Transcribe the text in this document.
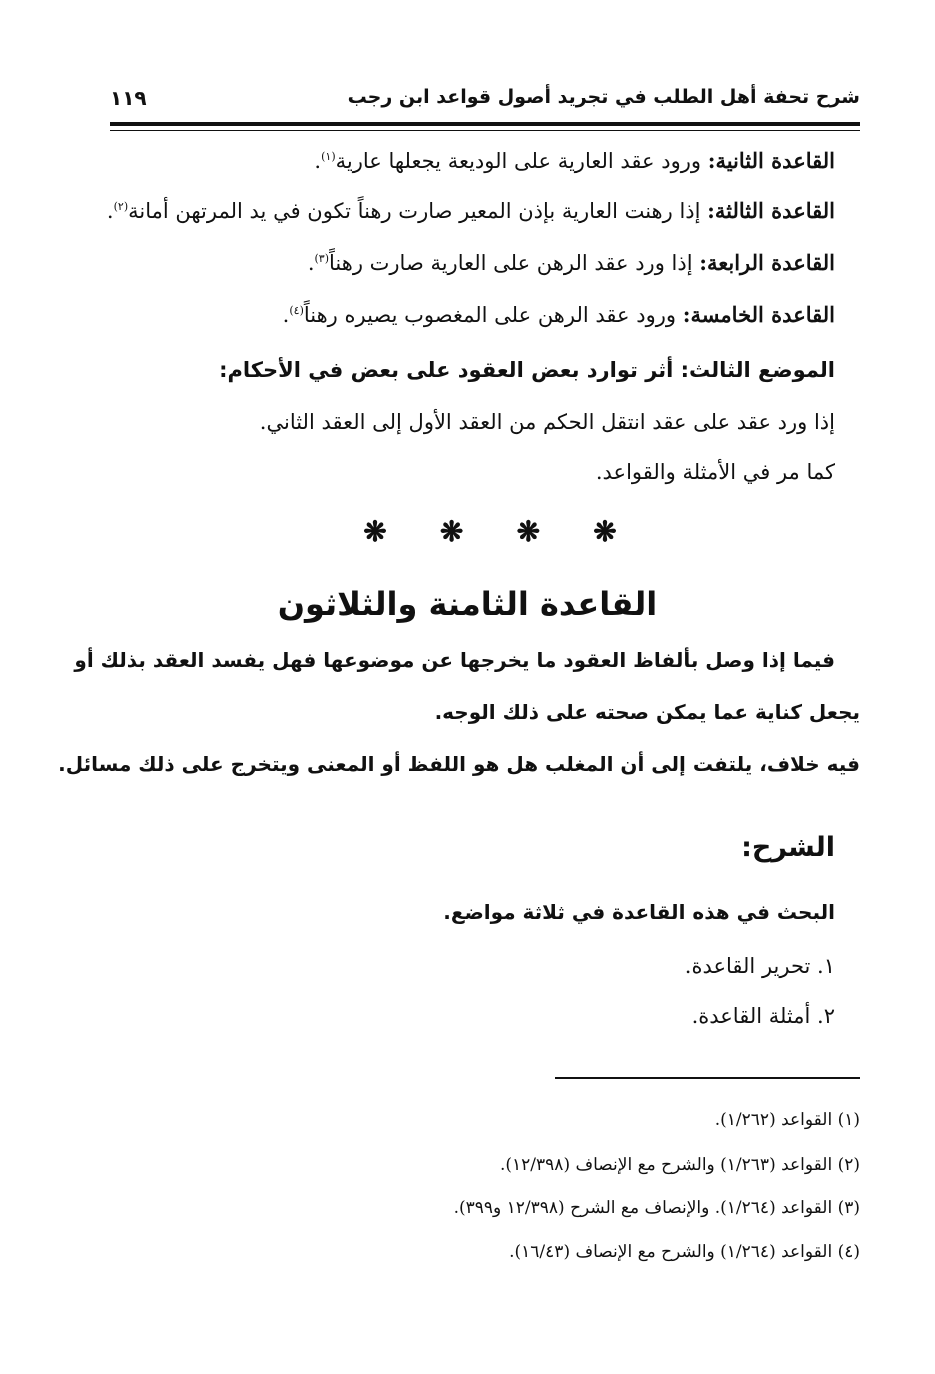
شرح تحفة أهل الطلب في تجريد أصول قواعد ابن رجب
١١٩
القاعدة الثانية: ورود عقد العارية على الوديعة يجعلها عارية$^{(١)}$.
القاعدة الثالثة: إذا رهنت العارية بإذن المعير صارت رهناً تكون في يد المرتهن أمانة$^{(٢)}$.
القاعدة الرابعة: إذا ورد عقد الرهن على العارية صارت رهناً$^{(٣)}$.
القاعدة الخامسة: ورود عقد الرهن على المغصوب يصيره رهناً$^{(٤)}$.
الموضع الثالث: أثر توارد بعض العقود على بعض في الأحكام:
إذا ورد عقد على عقد انتقل الحكم من العقد الأول إلى العقد الثاني.
كما مر في الأمثلة والقواعد.
❋ ❋ ❋ ❋
القاعدة الثامنة والثلاثون
فيما إذا وصل بألفاظ العقود ما يخرجها عن موضوعها فهل يفسد العقد بذلك أو
يجعل كناية عما يمكن صحته على ذلك الوجه.
فيه خلاف، يلتفت إلى أن المغلب هل هو اللفظ أو المعنى ويتخرج على ذلك مسائل.
الشرح:
البحث في هذه القاعدة في ثلاثة مواضع.
١. تحرير القاعدة.
٢. أمثلة القاعدة.
(١) القواعد (١/٢٦٢).
(٢) القواعد (١/٢٦٣) والشرح مع الإنصاف (١٢/٣٩٨).
(٣) القواعد (١/٢٦٤). والإنصاف مع الشرح (١٢/٣٩٨ و٣٩٩).
(٤) القواعد (١/٢٦٤) والشرح مع الإنصاف (١٦/٤٣).
